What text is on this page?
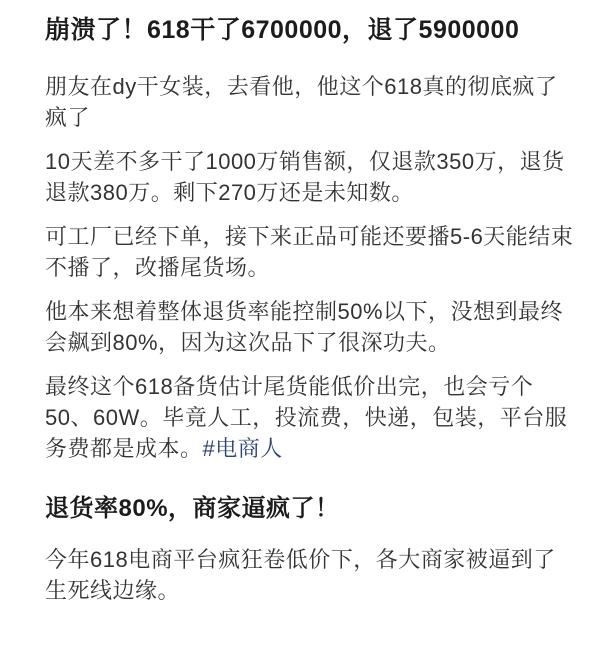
崩溃了！618干了6700000，退了5900000

朋友在dy干女装，去看他，他这个618真的彻底疯了疯了

10天差不多干了1000万销售额，仅退款350万，退货退款380万。剩下270万还是未知数。

可工厂已经下单，接下来正品可能还要播5-6天能结束不播了，改播尾货场。

他本来想着整体退货率能控制50%以下，没想到最终会飙到80%，因为这次品下了很深功夫。

最终这个618备货估计尾货能低价出完，也会亏个50、60W。毕竟人工，投流费，快递，包装，平台服务费都是成本。#电商人

退货率80%，商家逼疯了！

今年618电商平台疯狂卷低价下，各大商家被逼到了生死线边缘。
